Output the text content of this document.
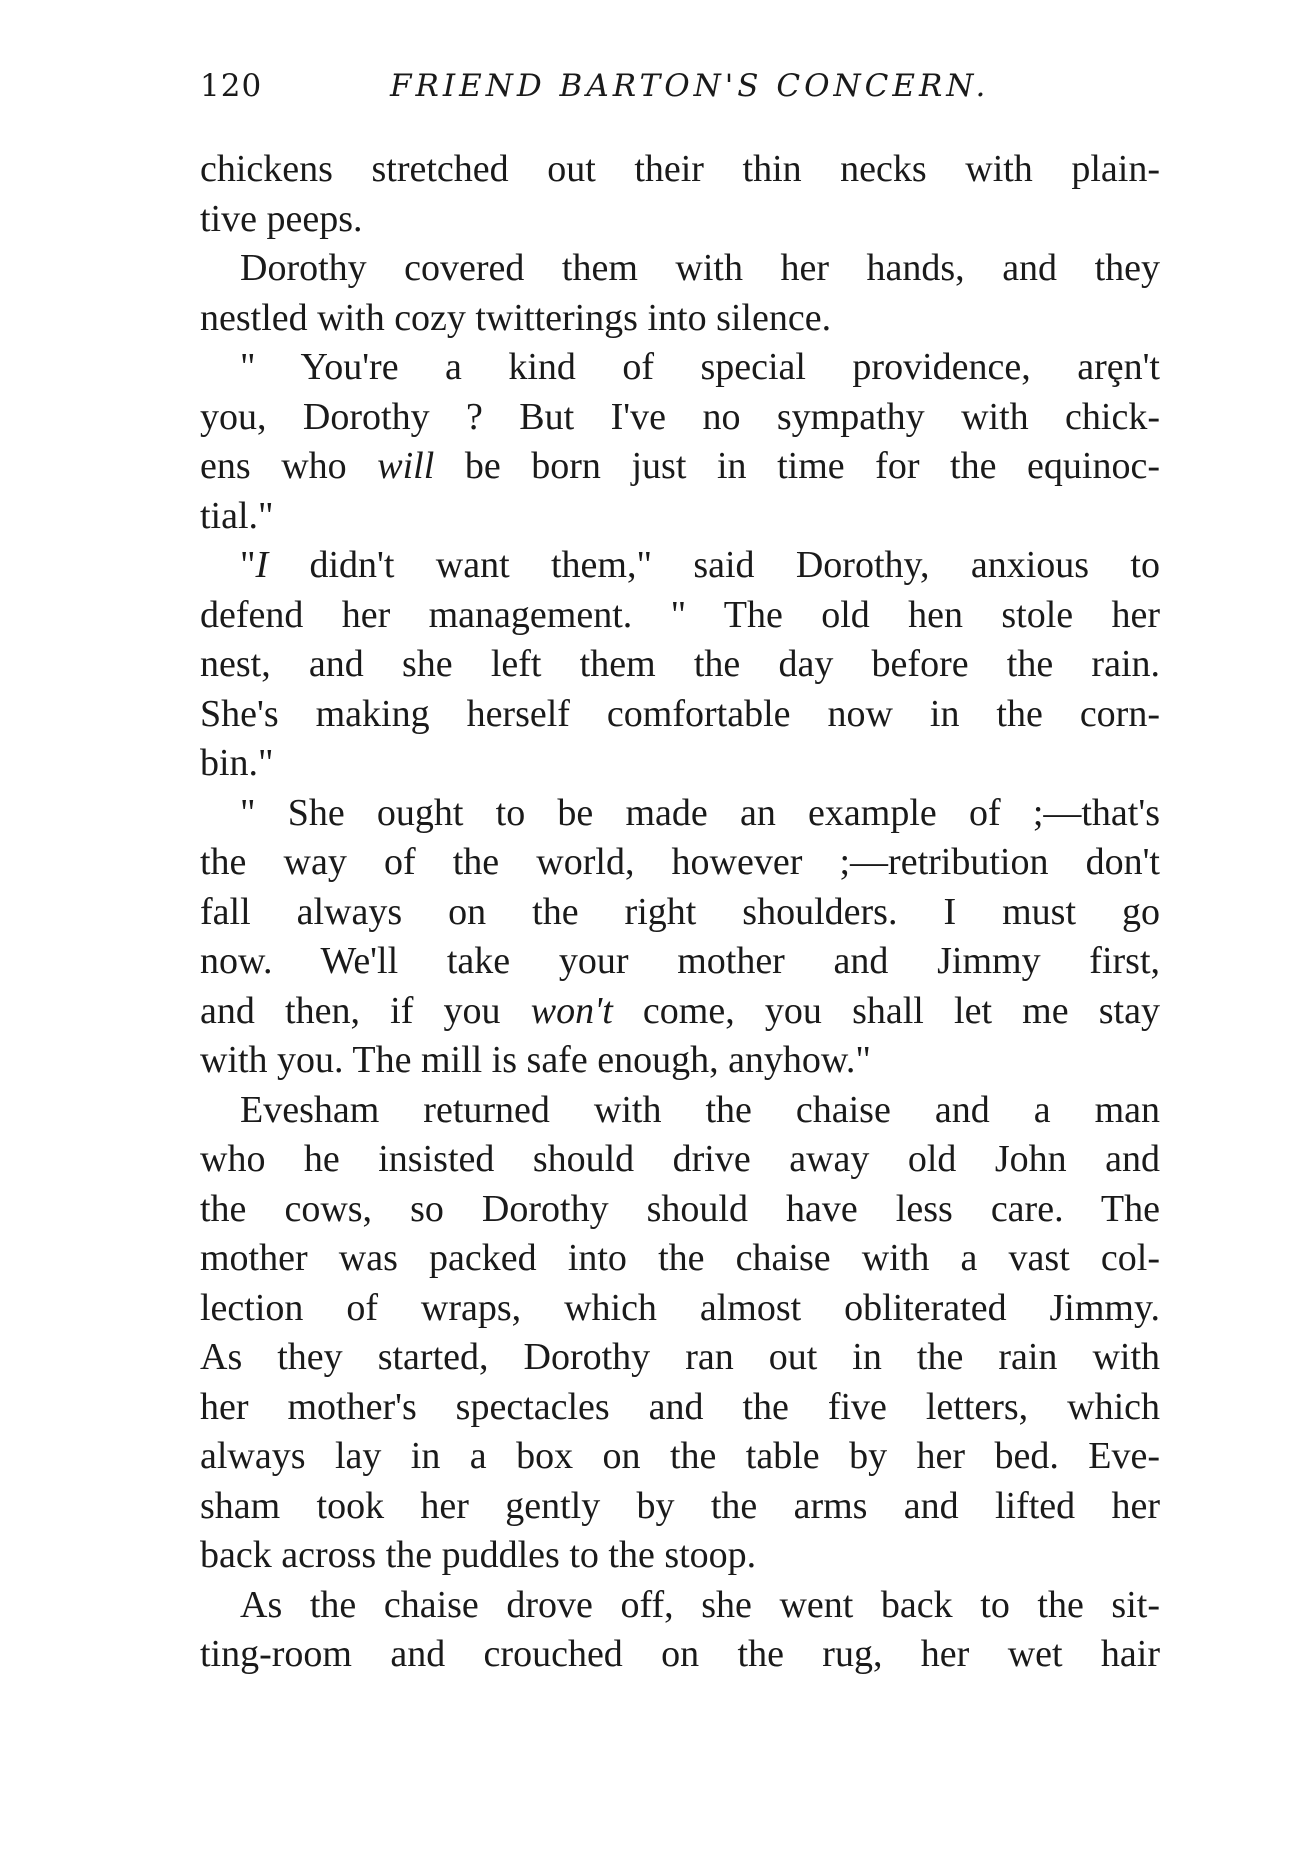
120	FRIEND BARTON'S CONCERN.
chickens stretched out their thin necks with plain-
tive peeps.
Dorothy covered them with her hands, and they
nestled with cozy twitterings into silence.
" You're a kind of special providence, arȩn't
you, Dorothy ? But I've no sympathy with chick-
ens who will be born just in time for the equinoc-
tial."
"I didn't want them," said Dorothy, anxious to
defend her management. " The old hen stole her
nest, and she left them the day before the rain.
She's making herself comfortable now in the corn-
bin."
" She ought to be made an example of ;—that's
the way of the world, however ;—retribution don't
fall always on the right shoulders. I must go
now. We'll take your mother and Jimmy first,
and then, if you won't come, you shall let me stay
with you. The mill is safe enough, anyhow."
Evesham returned with the chaise and a man
who he insisted should drive away old John and
the cows, so Dorothy should have less care. The
mother was packed into the chaise with a vast col-
lection of wraps, which almost obliterated Jimmy.
As they started, Dorothy ran out in the rain with
her mother's spectacles and the five letters, which
always lay in a box on the table by her bed. Eve-
sham took her gently by the arms and lifted her
back across the puddles to the stoop.
As the chaise drove off, she went back to the sit-
ting-room and crouched on the rug, her wet hair
